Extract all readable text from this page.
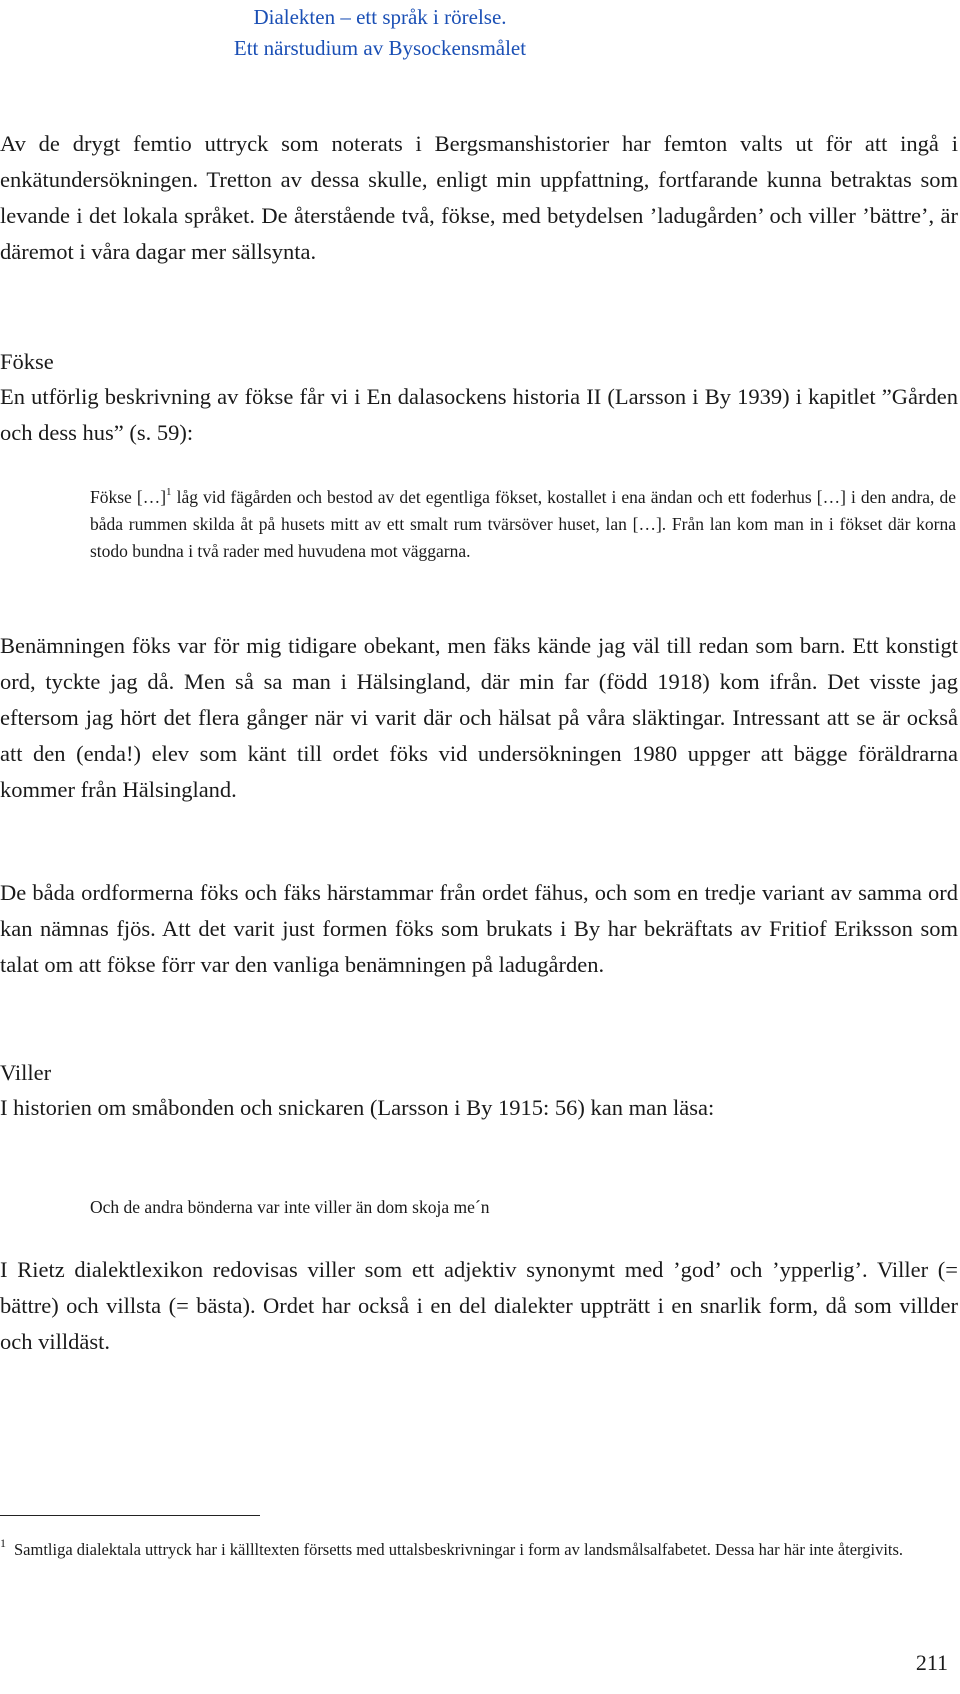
Dialekten – ett språk i rörelse.
Ett närstudium av Bysockensmålet

Av de drygt femtio uttryck som noterats i Bergsmanshistorier har femton valts ut för att ingå i enkätundersökningen. Tretton av dessa skulle, enligt min uppfattning, fortfarande kunna betraktas som levande i det lokala språket. De återstående två, fökse, med betydelsen ’ladugården’ och viller ’bättre’, är däremot i våra dagar mer sällsynta.

Fökse

En utförlig beskrivning av fökse får vi i En dalasockens historia II (Larsson i By 1939) i kapitlet ”Gården och dess hus” (s. 59):

Fökse […]$^1$ låg vid fägården och bestod av det egentliga fökset, kostallet i ena ändan och ett foderhus […] i den andra, de båda rummen skilda åt på husets mitt av ett smalt rum tvärsöver huset, lan […]. Från lan kom man in i fökset där korna stodo bundna i två rader med huvudena mot väggarna.

Benämningen föks var för mig tidigare obekant, men fäks kände jag väl till redan som barn. Ett konstigt ord, tyckte jag då. Men så sa man i Hälsingland, där min far (född 1918) kom ifrån. Det visste jag eftersom jag hört det flera gånger när vi varit där och hälsat på våra släktingar. Intressant att se är också att den (enda!) elev som känt till ordet föks vid undersökningen 1980 uppger att bägge föräldrarna kommer från Hälsingland.

De båda ordformerna föks och fäks härstammar från ordet fähus, och som en tredje variant av samma ord kan nämnas fjös. Att det varit just formen föks som brukats i By har bekräftats av Fritiof Eriksson som talat om att fökse förr var den vanliga benämningen på ladugården.

Viller

I historien om småbonden och snickaren (Larsson i By 1915: 56) kan man läsa:

Och de andra bönderna var inte viller än dom skoja me´n

I Rietz dialektlexikon redovisas viller som ett adjektiv synonymt med ’god’ och ’ypperlig’. Viller (= bättre) och villsta (= bästa). Ordet har också i en del dialekter uppträtt i en snarlik form, då som villder och villdäst.

$^1$ Samtliga dialektala uttryck har i källltexten försetts med uttalsbeskrivningar i form av landsmålsalfabetet. Dessa har här inte återgivits.

211
